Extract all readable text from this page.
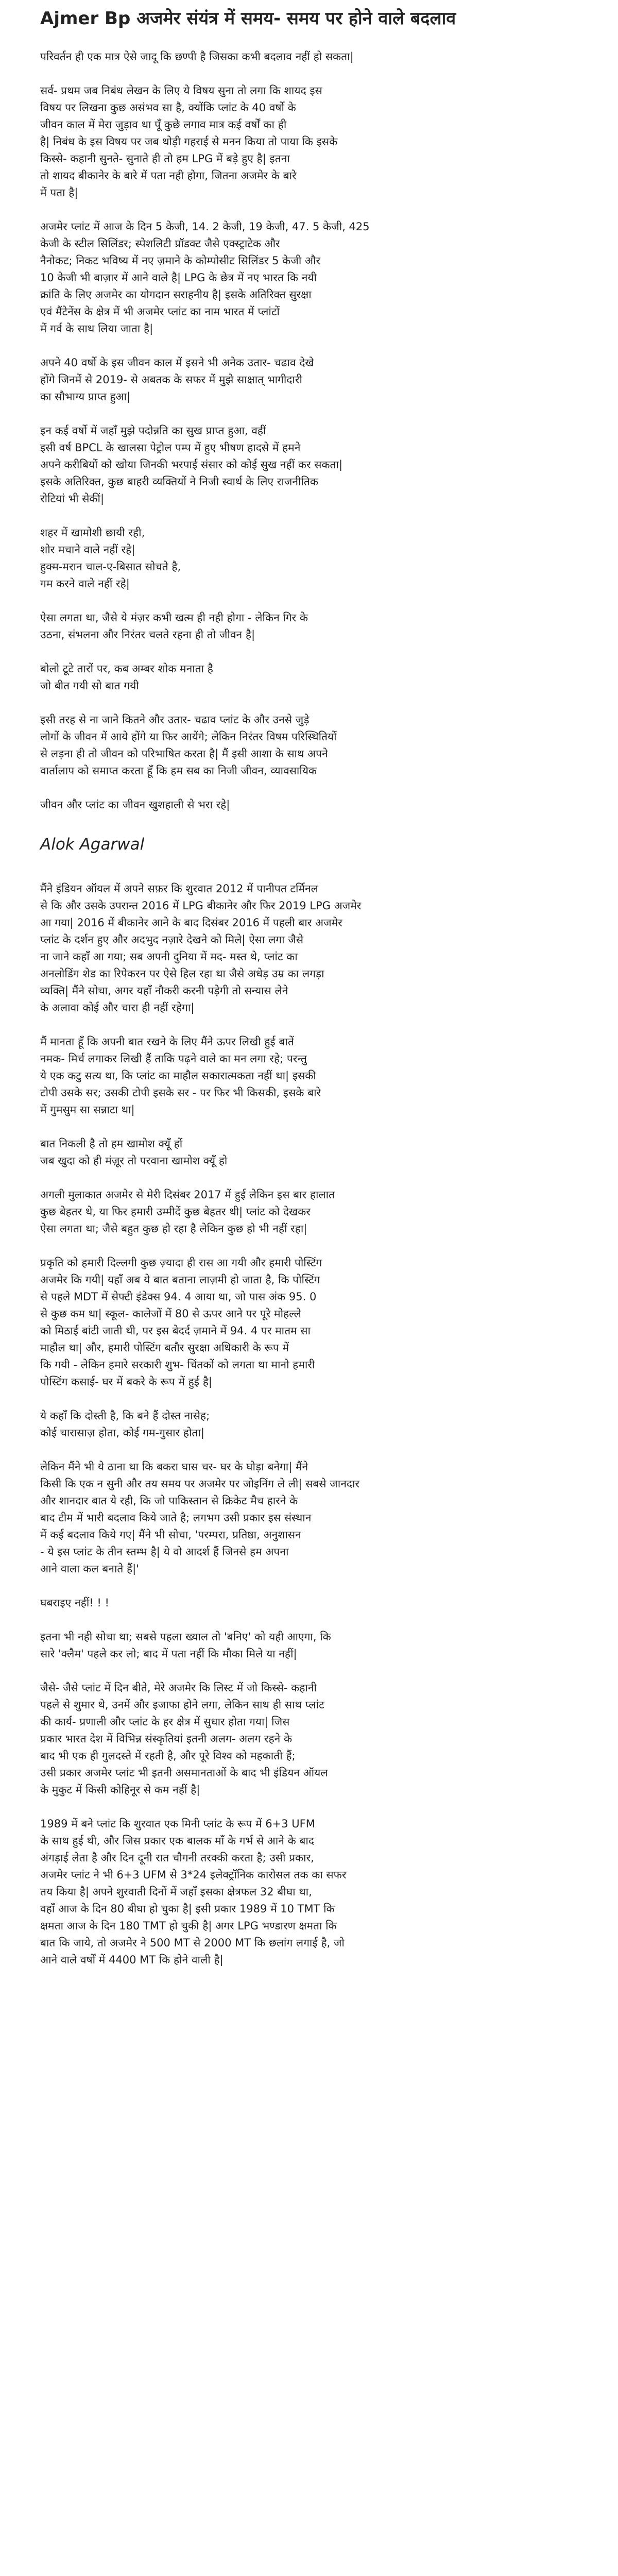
Ajmer Bp अजमेर संयंत्र में समय- समय पर होने वाले बदलाव
परिवर्तन ही एक मात्र ऐसे जादू कि छण्पी है जिसका कभी बदलाव नहीं हो सकता|
सर्व- प्रथम जब निबंध लेखन के लिए ये विषय सुना तो लगा कि शायद इस
विषय पर लिखना कुछ असंभव सा है, क्योंकि प्लांट के 40 वर्षो के
जीवन काल में मेरा जुड़ाव था पूँ कुछे लगाव मात्र कई वर्षों का ही
है| निबंध के इस विषय पर जब थोड़ी गहराई से मनन किया तो पाया कि इसके
किस्से- कहानी सुनते- सुनाते ही तो हम LPG में बड़े हुए है| इतना
तो शायद बीकानेर के बारे में पता नही होगा, जितना अजमेर के बारे
में पता है|
अजमेर प्लांट में आज के दिन 5 केजी, 14. 2 केजी, 19 केजी, 47. 5 केजी, 425
केजी के स्टील सिलिंडर; स्पेशलिटी प्रॉडक्ट जैसे एक्स्ट्राटेक और
नैनोकट; निकट भविष्य में नए ज़माने के कोम्पोसीट सिलिंडर 5 केजी और
10 केजी भी बाज़ार में आने वाले है| LPG के छेत्र में नए भारत कि नयी
क्रांति के लिए अजमेर का योगदान सराहनीय है| इसके अतिरिक्त सुरक्षा
एवं मैंटेनेंस के क्षेत्र में भी अजमेर प्लांट का नाम भारत में प्लांटों
में गर्व के साथ लिया जाता है|
अपने 40 वर्षो के इस जीवन काल में इसने भी अनेक उतार- चढाव देखे
होंगे जिनमें से 2019- से अबतक के सफर में मुझे साक्षात् भागीदारी
का सौभाग्य प्राप्त हुआ|
इन कई वर्षो में जहाँ मुझे पदोन्नति का सुख प्राप्त हुआ, वहीं
इसी वर्ष BPCL के खालसा पेट्रोल पम्प में हुए भीषण हादसे में हमने
अपने करीबियों को खोया जिनकी भरपाई संसार को कोई सुख नहीं कर सकता|
इसके अतिरिक्त, कुछ बाहरी व्यक्तियों ने निजी स्वार्थ के लिए राजनीतिक
रोटियां भी सेकीं|
शहर में खामोशी छायी रही,
शोर मचाने वाले नहीं रहे|
हुक्म-मरान चाल-ए-बिसात सोचते है,
गम करने वाले नहीं रहे|
ऐसा लगता था, जैसे ये मंज़र कभी खत्म ही नही होगा - लेकिन गिर के
उठना, संभलना और निरंतर चलते रहना ही तो जीवन है|
बोलो टूटे तारों पर, कब अम्बर शोक मनाता है
जो बीत गयी सो बात गयी
इसी तरह से ना जाने कितने और उतार- चढाव प्लांट के और उनसे जुड़े
लोगों के जीवन में आये होंगे या फिर आयेंगे; लेकिन निरंतर विषम परिस्थितियों
से लड़ना ही तो जीवन को परिभाषित करता है| मैं इसी आशा के साथ अपने
वार्तालाप को समाप्त करता हूँ कि हम सब का निजी जीवन, व्यावसायिक
जीवन और प्लांट का जीवन खुशहाली से भरा रहे|
Alok Agarwal
मैंने इंडियन ऑयल में अपने सफ़र कि शुरवात 2012 में पानीपत टर्मिनल
से कि और उसके उपरान्त 2016 में LPG बीकानेर और फिर 2019 LPG अजमेर
आ गया| 2016 में बीकानेर आने के बाद दिसंबर 2016 में पहली बार अजमेर
प्लांट के दर्शन हुए और अदभुद नज़ारे देखने को मिले| ऐसा लगा जैसे
ना जाने कहाँ आ गया; सब अपनी दुनिया में मद- मस्त थे, प्लांट का
अनलोडिंग शेड का रिपेकरन पर ऐसे हिल रहा था जैसे अधेड़ उम्र का लगड़ा
व्यक्ति| मैंने सोचा, अगर यहाँ नौकरी करनी पड़ेगी तो सन्यास लेने
के अलावा कोई और चारा ही नहीं रहेगा|
मैं मानता हूँ कि अपनी बात रखने के लिए मैंने ऊपर लिखी हुई बातें
नमक- मिर्च लगाकर लिखी हैं ताकि पढ़ने वाले का मन लगा रहे; परन्तु
ये एक कटु सत्य था, कि प्लांट का माहौल सकारात्मकता नहीं था| इसकी
टोपी उसके सर; उसकी टोपी इसके सर - पर फिर भी किसकी, इसके बारे
में गुमसुम सा सन्नाटा था|
बात निकली है तो हम खामोश क्यूँ हों
जब खुदा को ही मंज़ूर तो परवाना खामोश क्यूँ हो
अगली मुलाकात अजमेर से मेरी दिसंबर 2017 में हुई लेकिन इस बार हालात
कुछ बेहतर थे, या फिर हमारी उम्मीदें कुछ बेहतर थी| प्लांट को देखकर
ऐसा लगता था; जैसे बहुत कुछ हो रहा है लेकिन कुछ हो भी नहीं रहा|
प्रकृति को हमारी दिल्लगी कुछ ज़्यादा ही रास आ गयी और हमारी पोस्टिंग
अजमेर कि गयी| यहाँ अब ये बात बताना लाज़मी हो जाता है, कि पोस्टिंग
से पहले MDT में सेफ्टी इंडेक्स 94. 4 आया था, जो पास अंक 95. 0
से कुछ कम था| स्कूल- कालेजों में 80 से ऊपर आने पर पूरे मोहल्ले
को मिठाई बांटी जाती थी, पर इस बेदर्द ज़माने में 94. 4 पर मातम सा
माहौल था| और, हमारी पोस्टिंग बतौर सुरक्षा अधिकारी के रूप में
कि गयी - लेकिन हमारे सरकारी शुभ- चिंतकों को लगता था मानो हमारी
पोस्टिंग कसाई- घर में बकरे के रूप में हुई है|
ये कहाँ कि दोस्ती है, कि बने हैं दोस्त नासेह;
कोई चारासाज़ होता, कोई गम-गुसार होता|
लेकिन मैंने भी ये ठाना था कि बकरा घास चर- घर के घोड़ा बनेगा| मैंने
किसी कि एक न सुनी और तय समय पर अजमेर पर जोइनिंग ले ली| सबसे जानदार
और शानदार बात ये रही, कि जो पाकिस्तान से क्रिकेट मैच हारने के
बाद टीम में भारी बदलाव किये जाते है; लगभग उसी प्रकार इस संस्थान
में कई बदलाव किये गए| मैंने भी सोचा, 'परम्परा, प्रतिष्ठा, अनुशासन
- ये इस प्लांट के तीन स्तम्भ है| ये वो आदर्श हैं जिनसे हम अपना
आने वाला कल बनाते हैं|'
घबराइए नहीं! ! !
इतना भी नही सोचा था; सबसे पहला ख्याल तो 'बनिए' को यही आएगा, कि
सारे 'क्लैम' पहले कर लो; बाद में पता नहीं कि मौका मिले या नहीं|
जैसे- जैसे प्लांट में दिन बीते, मेरे अजमेर कि लिस्ट में जो किस्से- कहानी
पहले से शुमार थे, उनमें और इजाफा होने लगा, लेकिन साथ ही साथ प्लांट
की कार्य- प्रणाली और प्लांट के हर क्षेत्र में सुधार होता गया| जिस
प्रकार भारत देश में विभिन्न संस्कृतियां इतनी अलग- अलग रहने के
बाद भी एक ही गुलदस्ते में रहती है, और पूरे विश्व को महकाती हैं;
उसी प्रकार अजमेर प्लांट भी इतनी असमानताओं के बाद भी इंडियन ऑयल
के मुकुट में किसी कोहिनूर से कम नहीं है|
1989 में बने प्लांट कि शुरवात एक मिनी प्लांट के रूप में 6+3 UFM
के साथ हुई थी, और जिस प्रकार एक बालक माँ के गर्भ से आने के बाद
अंगड़ाई लेता है और दिन दूनी रात चौगनी तरक्की करता है; उसी प्रकार,
अजमेर प्लांट ने भी 6+3 UFM से 3*24 इलेक्ट्रॉनिक कारोसल तक का सफर
तय किया है| अपने शुरवाती दिनों में जहाँ इसका क्षेत्रफल 32 बीघा था,
वहाँ आज के दिन 80 बीघा हो चुका है| इसी प्रकार 1989 में 10 TMT कि
क्षमता आज के दिन 180 TMT हो चुकी है| अगर LPG भण्डारण क्षमता कि
बात कि जाये, तो अजमेर ने 500 MT से 2000 MT कि छलांग लगाई है, जो
आने वाले वर्षों में 4400 MT कि होने वाली है|
